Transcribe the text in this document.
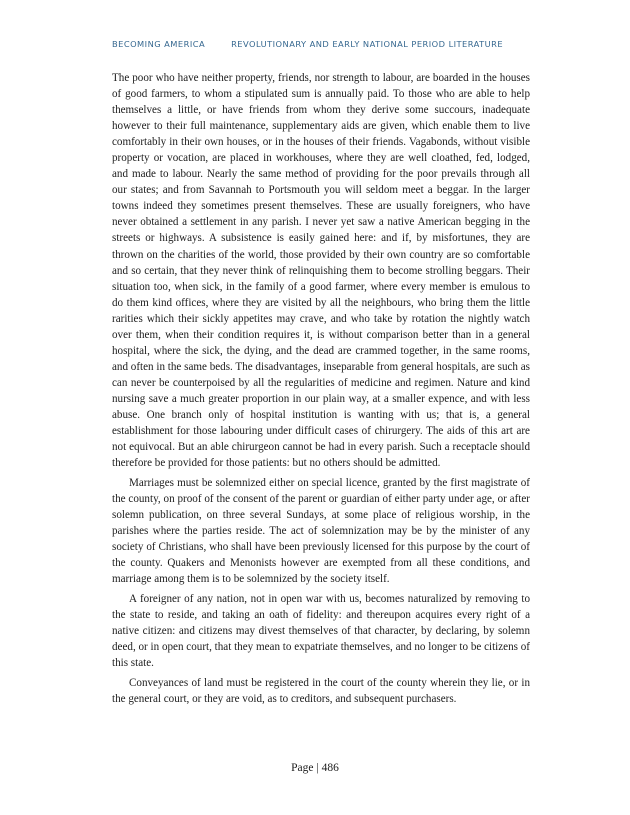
BECOMING AMERICA	REVOLUTIONARY AND EARLY NATIONAL PERIOD LITERATURE

The poor who have neither property, friends, nor strength to labour, are boarded in the houses of good farmers, to whom a stipulated sum is annually paid. To those who are able to help themselves a little, or have friends from whom they derive some succours, inadequate however to their full maintenance, supplementary aids are given, which enable them to live comfortably in their own houses, or in the houses of their friends. Vagabonds, without visible property or vocation, are placed in workhouses, where they are well cloathed, fed, lodged, and made to labour. Nearly the same method of providing for the poor prevails through all our states; and from Savannah to Portsmouth you will seldom meet a beggar. In the larger towns indeed they sometimes present themselves. These are usually foreigners, who have never obtained a settlement in any parish. I never yet saw a native American begging in the streets or highways. A subsistence is easily gained here: and if, by misfortunes, they are thrown on the charities of the world, those provided by their own country are so comfortable and so certain, that they never think of relinquishing them to become strolling beggars. Their situation too, when sick, in the family of a good farmer, where every member is emulous to do them kind offices, where they are visited by all the neighbours, who bring them the little rarities which their sickly appetites may crave, and who take by rotation the nightly watch over them, when their condition requires it, is without comparison better than in a general hospital, where the sick, the dying, and the dead are crammed together, in the same rooms, and often in the same beds. The disadvantages, inseparable from general hospitals, are such as can never be counterpoised by all the regularities of medicine and regimen. Nature and kind nursing save a much greater proportion in our plain way, at a smaller expence, and with less abuse. One branch only of hospital institution is wanting with us; that is, a general establishment for those labouring under difficult cases of chirurgery. The aids of this art are not equivocal. But an able chirurgeon cannot be had in every parish. Such a receptacle should therefore be provided for those patients: but no others should be admitted.

Marriages must be solemnized either on special licence, granted by the first magistrate of the county, on proof of the consent of the parent or guardian of either party under age, or after solemn publication, on three several Sundays, at some place of religious worship, in the parishes where the parties reside. The act of solemnization may be by the minister of any society of Christians, who shall have been previously licensed for this purpose by the court of the county. Quakers and Menonists however are exempted from all these conditions, and marriage among them is to be solemnized by the society itself.

A foreigner of any nation, not in open war with us, becomes naturalized by removing to the state to reside, and taking an oath of fidelity: and thereupon acquires every right of a native citizen: and citizens may divest themselves of that character, by declaring, by solemn deed, or in open court, that they mean to expatriate themselves, and no longer to be citizens of this state.

Conveyances of land must be registered in the court of the county wherein they lie, or in the general court, or they are void, as to creditors, and subsequent purchasers.

Page | 486
